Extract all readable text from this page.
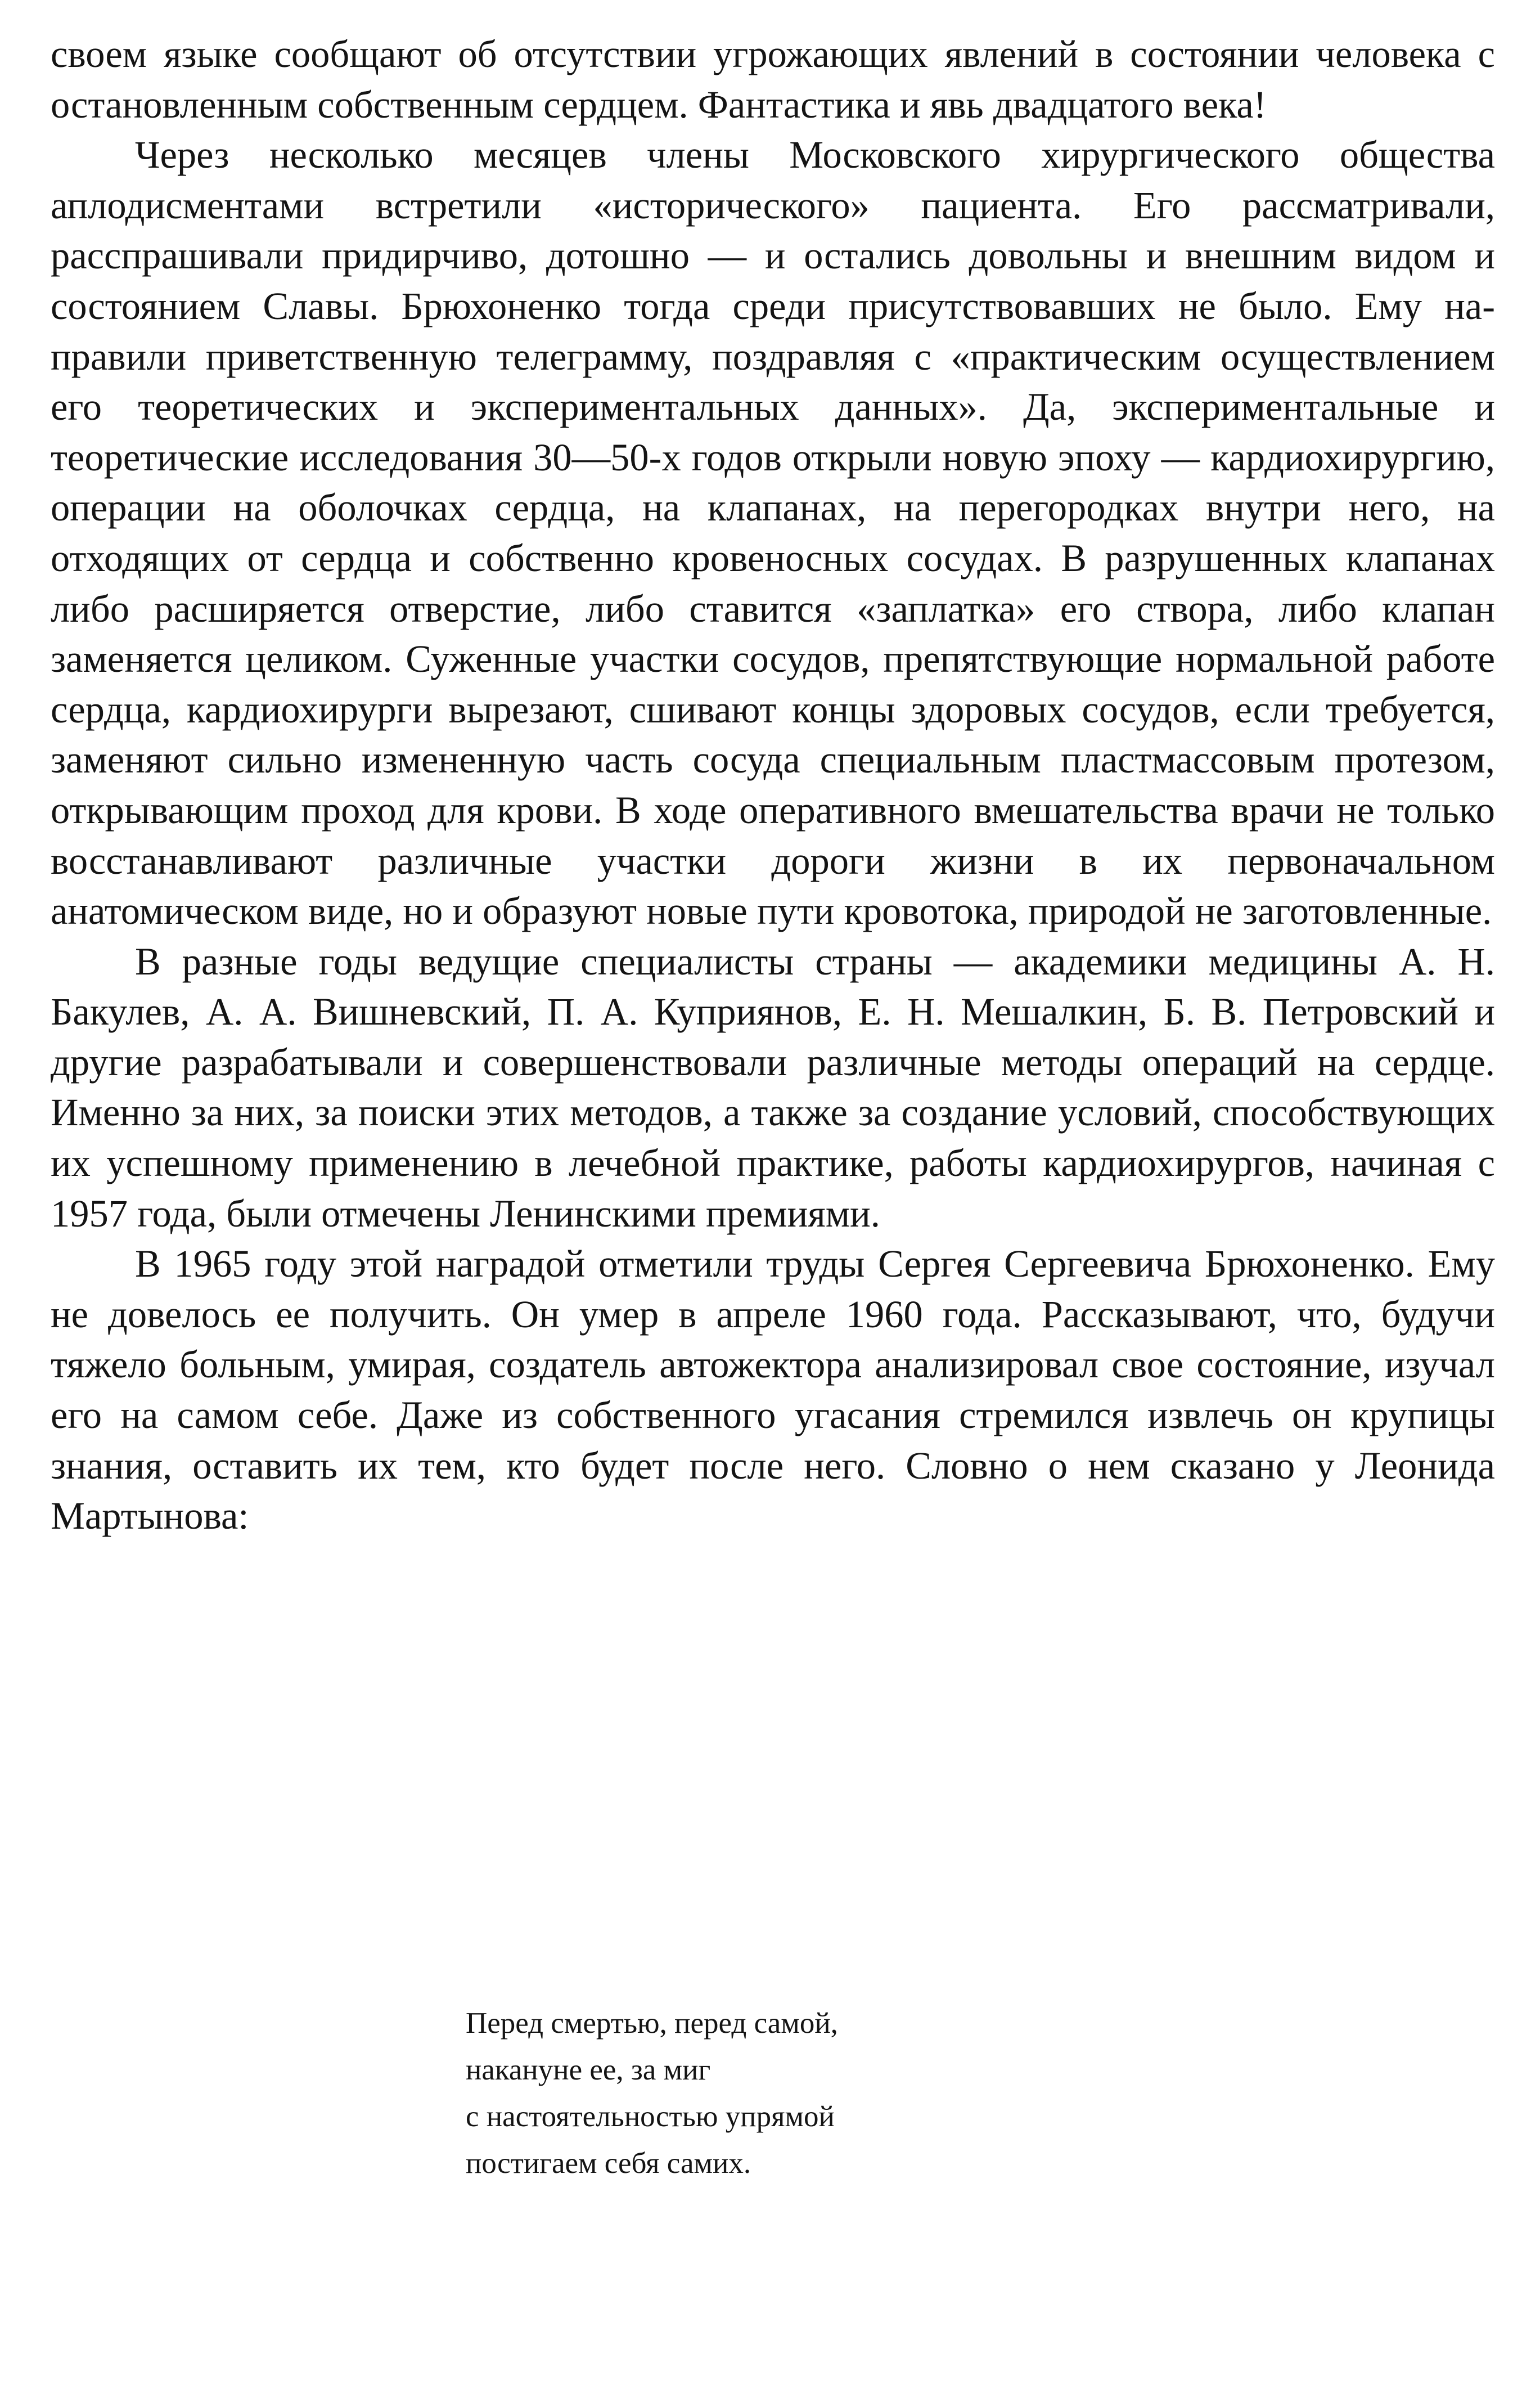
своем языке сообщают об отсутствии угрожающих явлений в состоянии человека с остановленным собственным сердцем. Фантастика и явь двадцатого века!

Через несколько месяцев члены Московского хирургического общества аплодисментами встретили «исторического» пациента. Его рассматривали, расспрашивали придирчиво, дотошно — и остались довольны и внешним видом и состоянием Славы. Брюхоненко тогда среди присутствовавших не было. Ему направили приветственную телеграмму, поздравляя с «практическим осуществлением его теоретических и экспериментальных данных». Да, экспериментальные и теоретические исследования 30—50-х годов открыли новую эпоху — кардиохирургию, операции на оболочках сердца, на клапанах, на перегородках внутри него, на отходящих от сердца и собственно кровеносных сосудах. В разрушенных клапанах либо расширяется отверстие, либо ставится «заплатка» его створа, либо клапан заменяется целиком. Суженные участки сосудов, препятствующие нормальной работе сердца, кардиохирурги вырезают, сшивают концы здоровых сосудов, если требуется, заменяют сильно измененную часть сосуда специальным пластмассовым протезом, открывающим проход для крови. В ходе оперативного вмешательства врачи не только восстанавливают различные участки дороги жизни в их первоначальном анатомическом виде, но и образуют новые пути кровотока, природой не заготовленные.

В разные годы ведущие специалисты страны — академики медицины А. Н. Бакулев, А. А. Вишневский, П. А. Куприянов, Е. Н. Мешалкин, Б. В. Петровский и другие разрабатывали и совершенствовали различные методы операций на сердце. Именно за них, за поиски этих методов, а также за создание условий, способствующих их успешному применению в лечебной практике, работы кардиохирургов, начиная с 1957 года, были отмечены Ленинскими премиями.

В 1965 году этой наградой отметили труды Сергея Сергеевича Брюхоненко. Ему не довелось ее получить. Он умер в апреле 1960 года. Рассказывают, что, будучи тяжело больным, умирая, создатель автожектора анализировал свое состояние, изучал его на самом себе. Даже из собственного угасания стремился извлечь он крупицы знания, оставить их тем, кто будет после него. Словно о нем сказано у Леонида Мартынова:

Перед смертью, перед самой,
накануне ее, за миг
с настоятельностью упрямой
постигаем себя самих.
